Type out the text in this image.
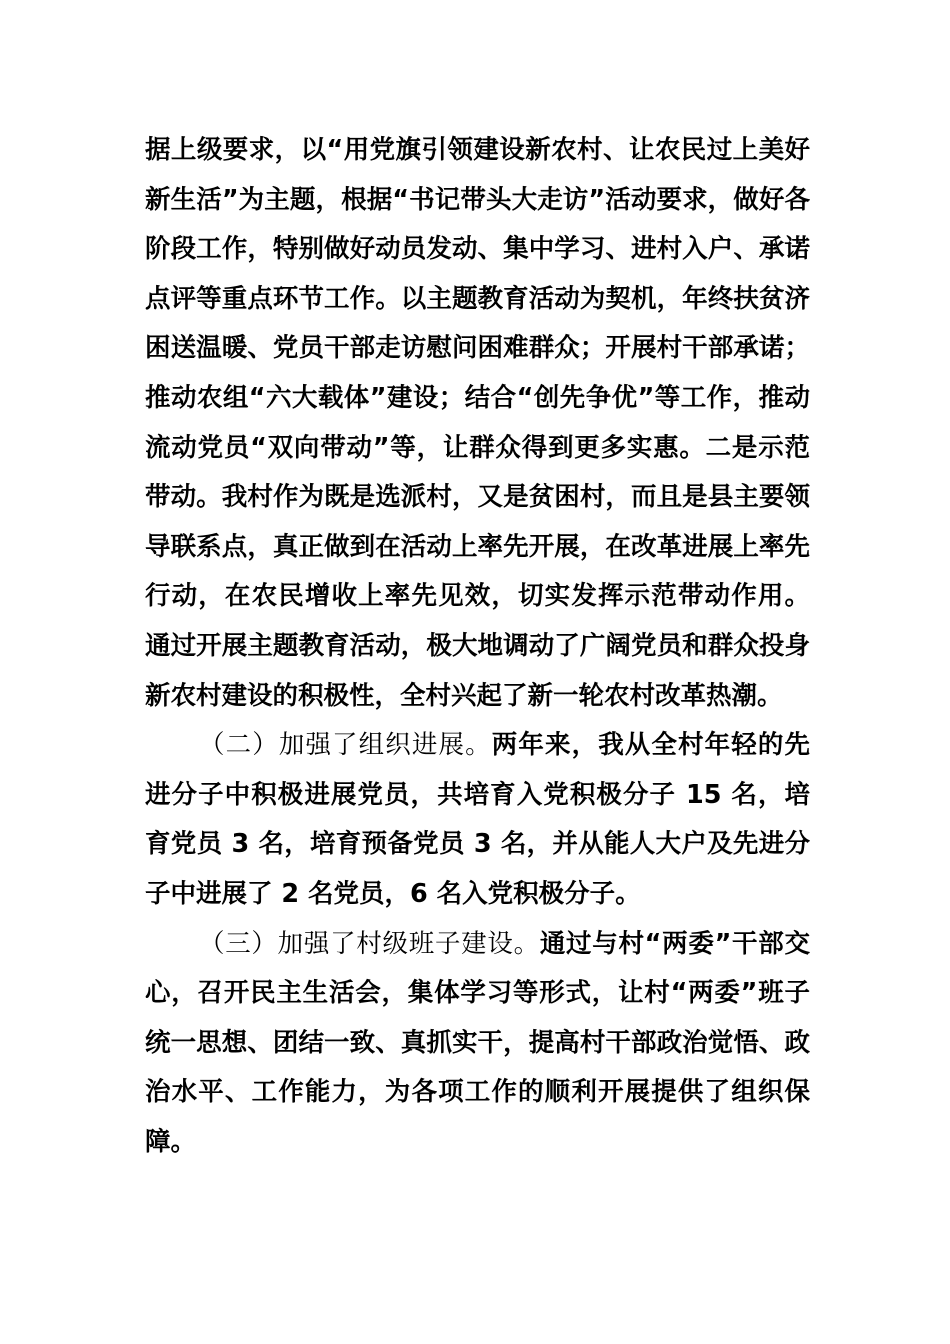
据上级要求，以“用党旗引领建设新农村、让农民过上美好新生活”为主题，根据“书记带头大走访”活动要求，做好各阶段工作，特别做好动员发动、集中学习、进村入户、承诺点评等重点环节工作。以主题教育活动为契机，年终扶贫济困送温暖、党员干部走访慰问困难群众；开展村干部承诺；推动农组“六大载体”建设；结合“创先争优”等工作，推动流动党员“双向带动”等，让群众得到更多实惠。二是示范带动。我村作为既是选派村，又是贫困村，而且是县主要领导联系点，真正做到在活动上率先开展，在改革进展上率先行动，在农民增收上率先见效，切实发挥示范带动作用。 通过开展主题教育活动，极大地调动了广阔党员和群众投身新农村建设的积极性，全村兴起了新一轮农村改革热潮。

（二）加强了组织进展。两年来，我从全村年轻的先进分子中积极进展党员，共培育入党积极分子 15 名，培育党员 3 名，培育预备党员 3 名，并从能人大户及先进分子中进展了 2 名党员，6 名入党积极分子。

（三）加强了村级班子建设。通过与村“两委”干部交心，召开民主生活会，集体学习等形式，让村“两委”班子统一思想、团结一致、真抓实干，提高村干部政治觉悟、政治水平、工作能力，为各项工作的顺利开展提供了组织保障。
